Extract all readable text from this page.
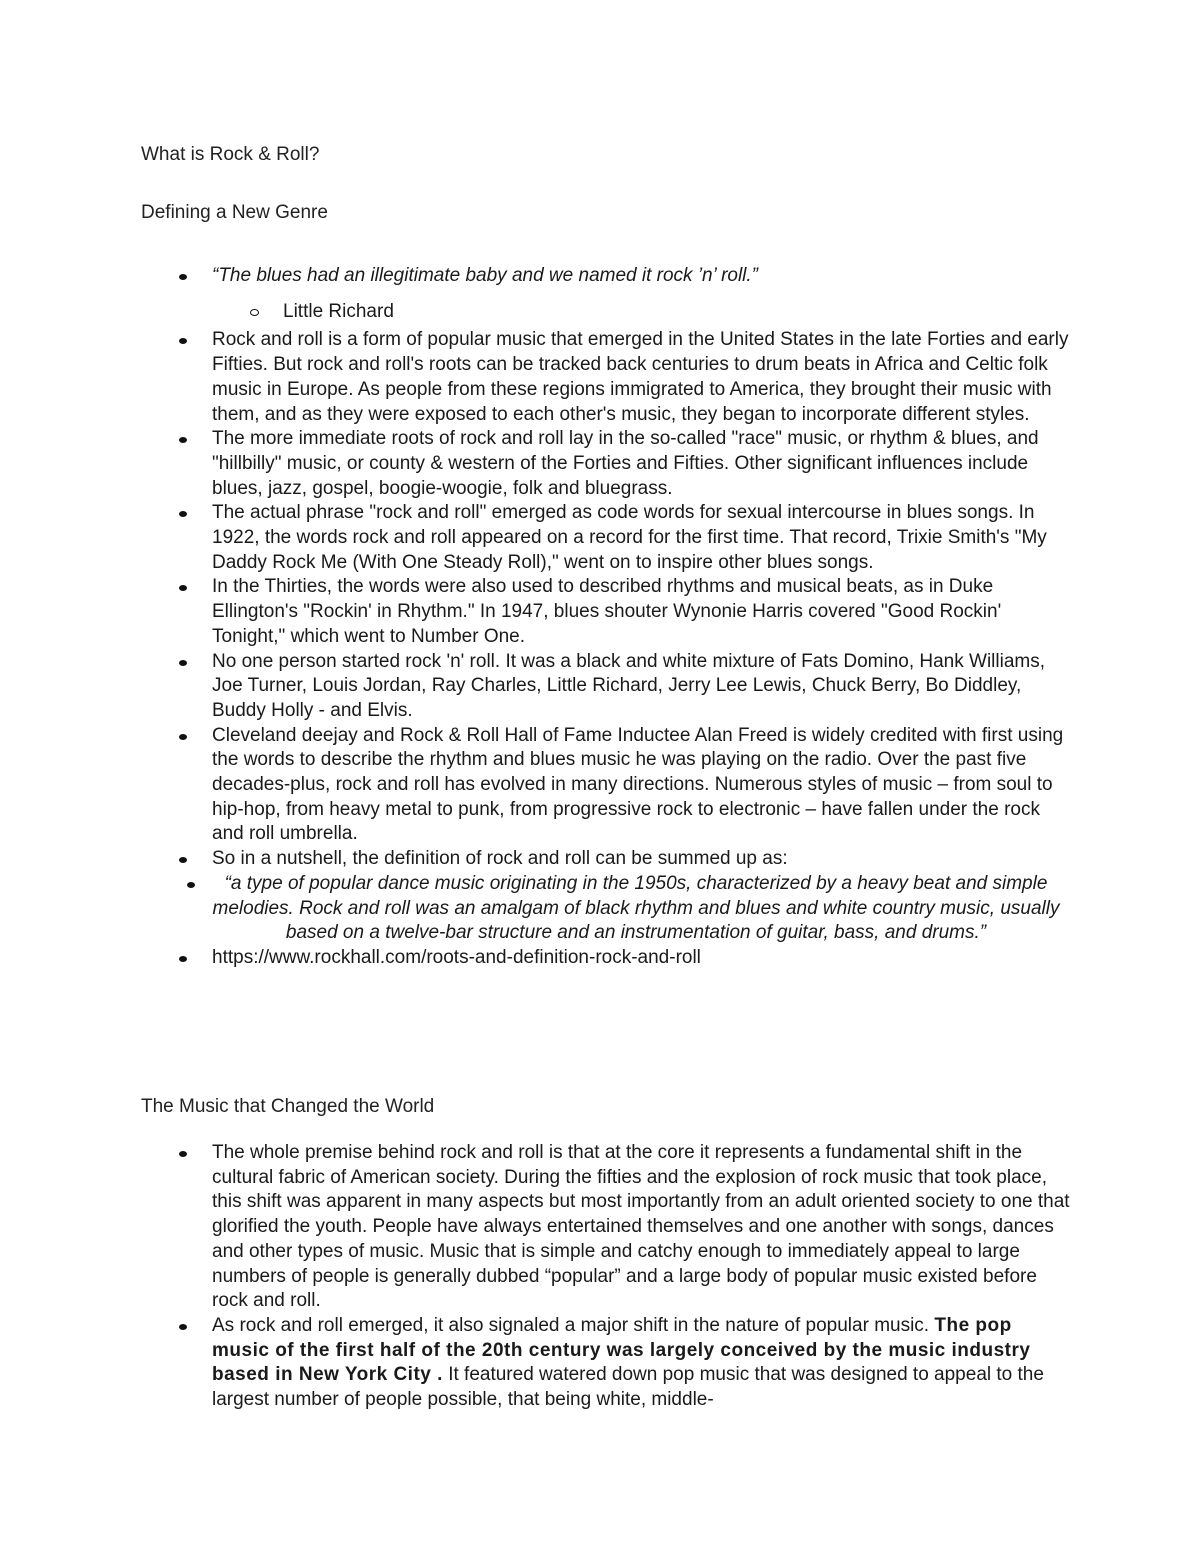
What is Rock & Roll?
Defining a New Genre
“The blues had an illegitimate baby and we named it rock ’n’ roll.”
Little Richard
Rock and roll is a form of popular music that emerged in the United States in the late Forties and early Fifties. But rock and roll's roots can be tracked back centuries to drum beats in Africa and Celtic folk music in Europe. As people from these regions immigrated to America, they brought their music with them, and as they were exposed to each other's music, they began to incorporate different styles.
The more immediate roots of rock and roll lay in the so-called "race" music, or rhythm & blues, and "hillbilly" music, or county & western of the Forties and Fifties. Other significant influences include blues, jazz, gospel, boogie-woogie, folk and bluegrass.
The actual phrase "rock and roll" emerged as code words for sexual intercourse in blues songs. In 1922, the words rock and roll appeared on a record for the first time. That record, Trixie Smith's "My Daddy Rock Me (With One Steady Roll)," went on to inspire other blues songs.
In the Thirties, the words were also used to described rhythms and musical beats, as in Duke Ellington's "Rockin' in Rhythm." In 1947, blues shouter Wynonie Harris covered "Good Rockin' Tonight," which went to Number One.
No one person started rock 'n' roll. It was a black and white mixture of Fats Domino, Hank Williams, Joe Turner, Louis Jordan, Ray Charles, Little Richard, Jerry Lee Lewis, Chuck Berry, Bo Diddley, Buddy Holly - and Elvis.
Cleveland deejay and Rock & Roll Hall of Fame Inductee Alan Freed is widely credited with first using the words to describe the rhythm and blues music he was playing on the radio. Over the past five decades-plus, rock and roll has evolved in many directions. Numerous styles of music – from soul to hip-hop, from heavy metal to punk, from progressive rock to electronic – have fallen under the rock and roll umbrella.
So in a nutshell, the definition of rock and roll can be summed up as:
“a type of popular dance music originating in the 1950s, characterized by a heavy beat and simple melodies. Rock and roll was an amalgam of black rhythm and blues and white country music, usually based on a twelve-bar structure and an instrumentation of guitar, bass, and drums.”
https://www.rockhall.com/roots-and-definition-rock-and-roll
The Music that Changed the World
The whole premise behind rock and roll is that at the core it represents a fundamental shift in the cultural fabric of American society. During the fifties and the explosion of rock music that took place, this shift was apparent in many aspects but most importantly from an adult oriented society to one that glorified the youth. People have always entertained themselves and one another with songs, dances and other types of music. Music that is simple and catchy enough to immediately appeal to large numbers of people is generally dubbed “popular” and a large body of popular music existed before rock and roll.
As rock and roll emerged, it also signaled a major shift in the nature of popular music. The pop music of the first half of the 20th century was largely conceived by the music industry based in New York City . It featured watered down pop music that was designed to appeal to the largest number of people possible, that being white, middle-
